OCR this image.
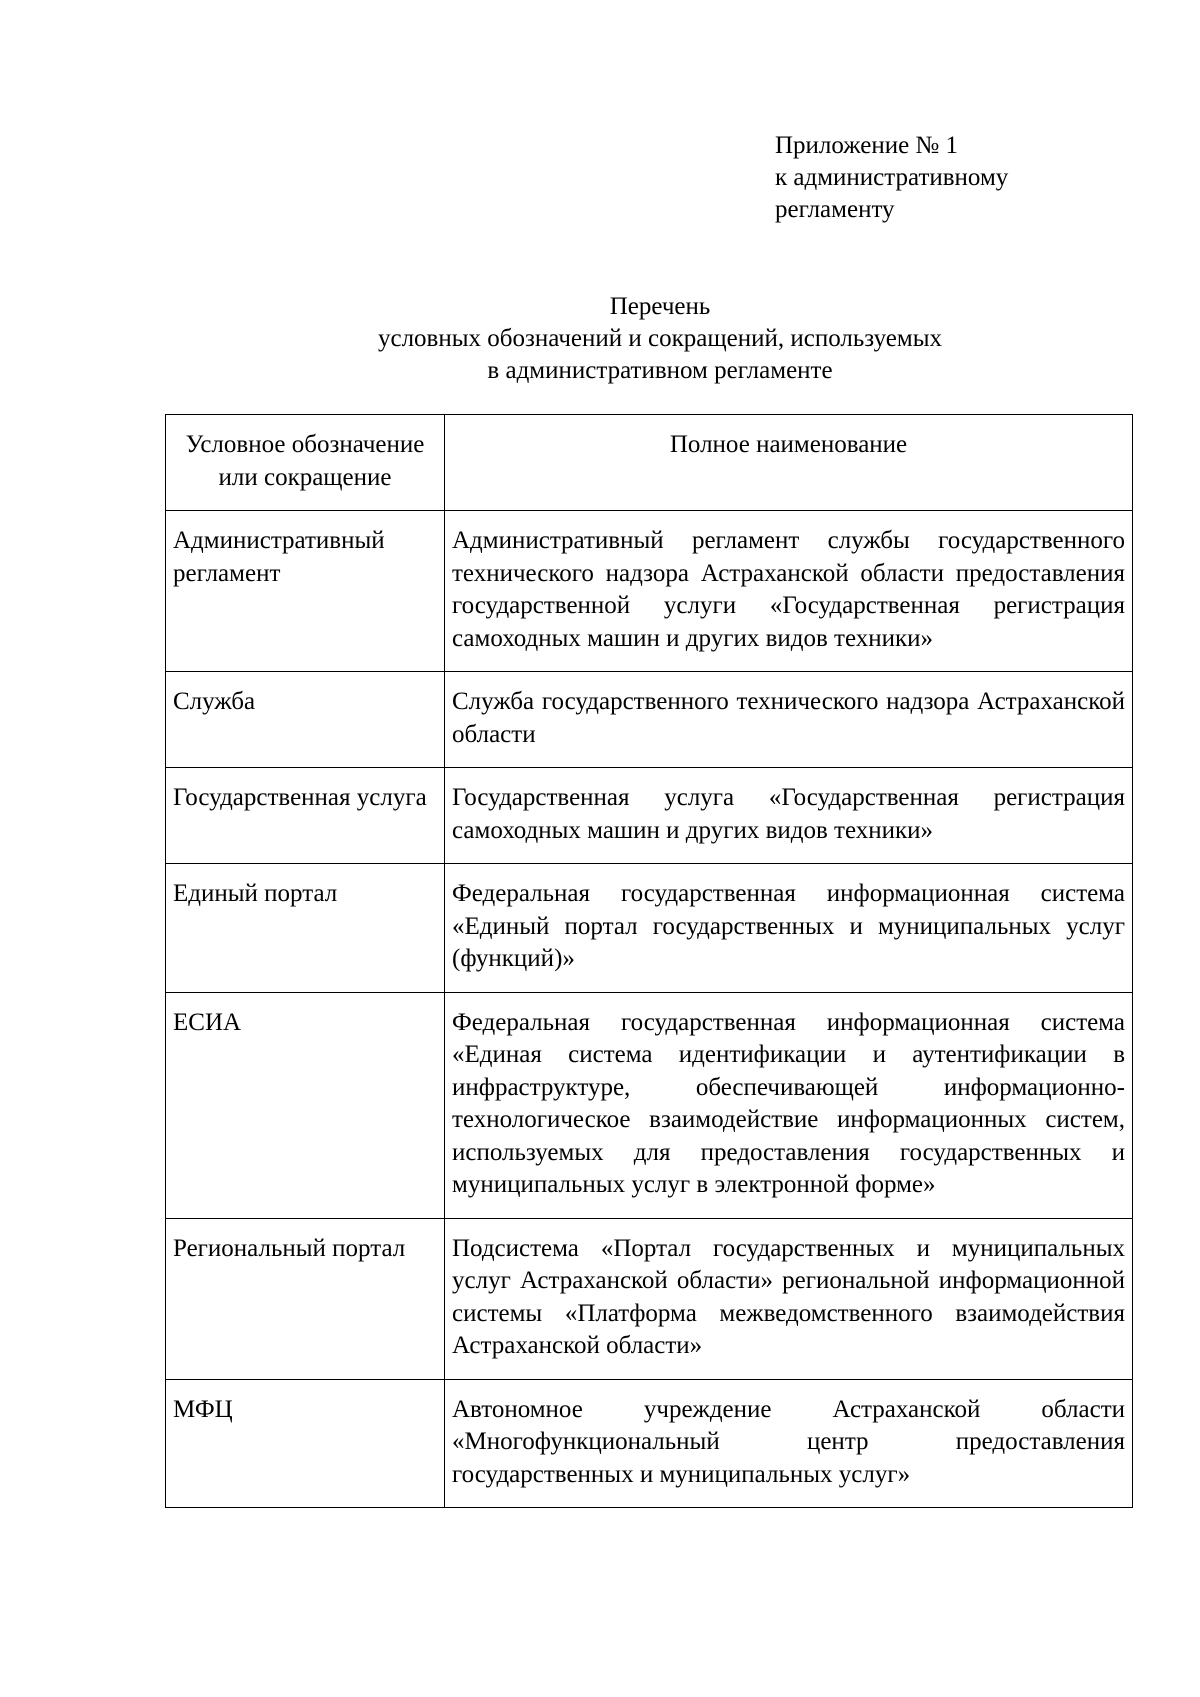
Приложение № 1
к административному
регламенту
Перечень
условных обозначений и сокращений, используемых
в административном регламенте
Условное обозначение или сокращение	Полное наименование
Административный регламент	Административный регламент службы государственного технического надзора Астраханской области предоставления государственной услуги «Государственная регистрация самоходных машин и других видов техники»
Служба	Служба государственного технического надзора Астраханской области
Государственная услуга	Государственная услуга «Государственная регистрация самоходных машин и других видов техники»
Единый портал	Федеральная государственная информационная система «Единый портал государственных и муниципальных услуг (функций)»
ЕСИА	Федеральная государственная информационная система «Единая система идентификации и аутентификации в инфраструктуре, обеспечивающей информационно-технологическое взаимодействие информационных систем, используемых для предоставления государственных и муниципальных услуг в электронной форме»
Региональный портал	Подсистема «Портал государственных и муниципальных услуг Астраханской области» региональной информационной системы «Платформа межведомственного взаимодействия Астраханской области»
МФЦ	Автономное учреждение Астраханской области «Многофункциональный центр предоставления государственных и муниципальных услуг»
